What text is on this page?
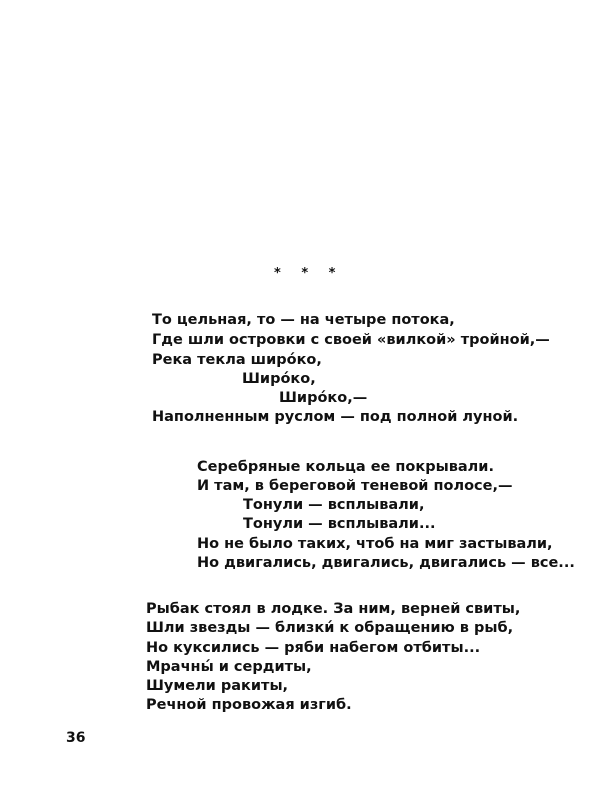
* * *
То цельная, то — на четыре потока,
Где шли островки с своей «вилкой» тройной,—
Река текла широ́ко,
Широ́ко,
Широ́ко,—
Наполненным руслом — под полной луной.
Серебряные кольца ее покрывали.
И там, в береговой теневой полосе,—
Тонули — всплывали,
Тонули — всплывали...
Но не было таких, чтоб на миг застывали,
Но двигались, двигались, двигались — все...
Рыбак стоял в лодке. За ним, верней свиты,
Шли звезды — близки́ к обращению в рыб,
Но куксились — ряби набегом отбиты...
Мрачны́ и сердиты,
Шумели ракиты,
Речной провожая изгиб.
36
